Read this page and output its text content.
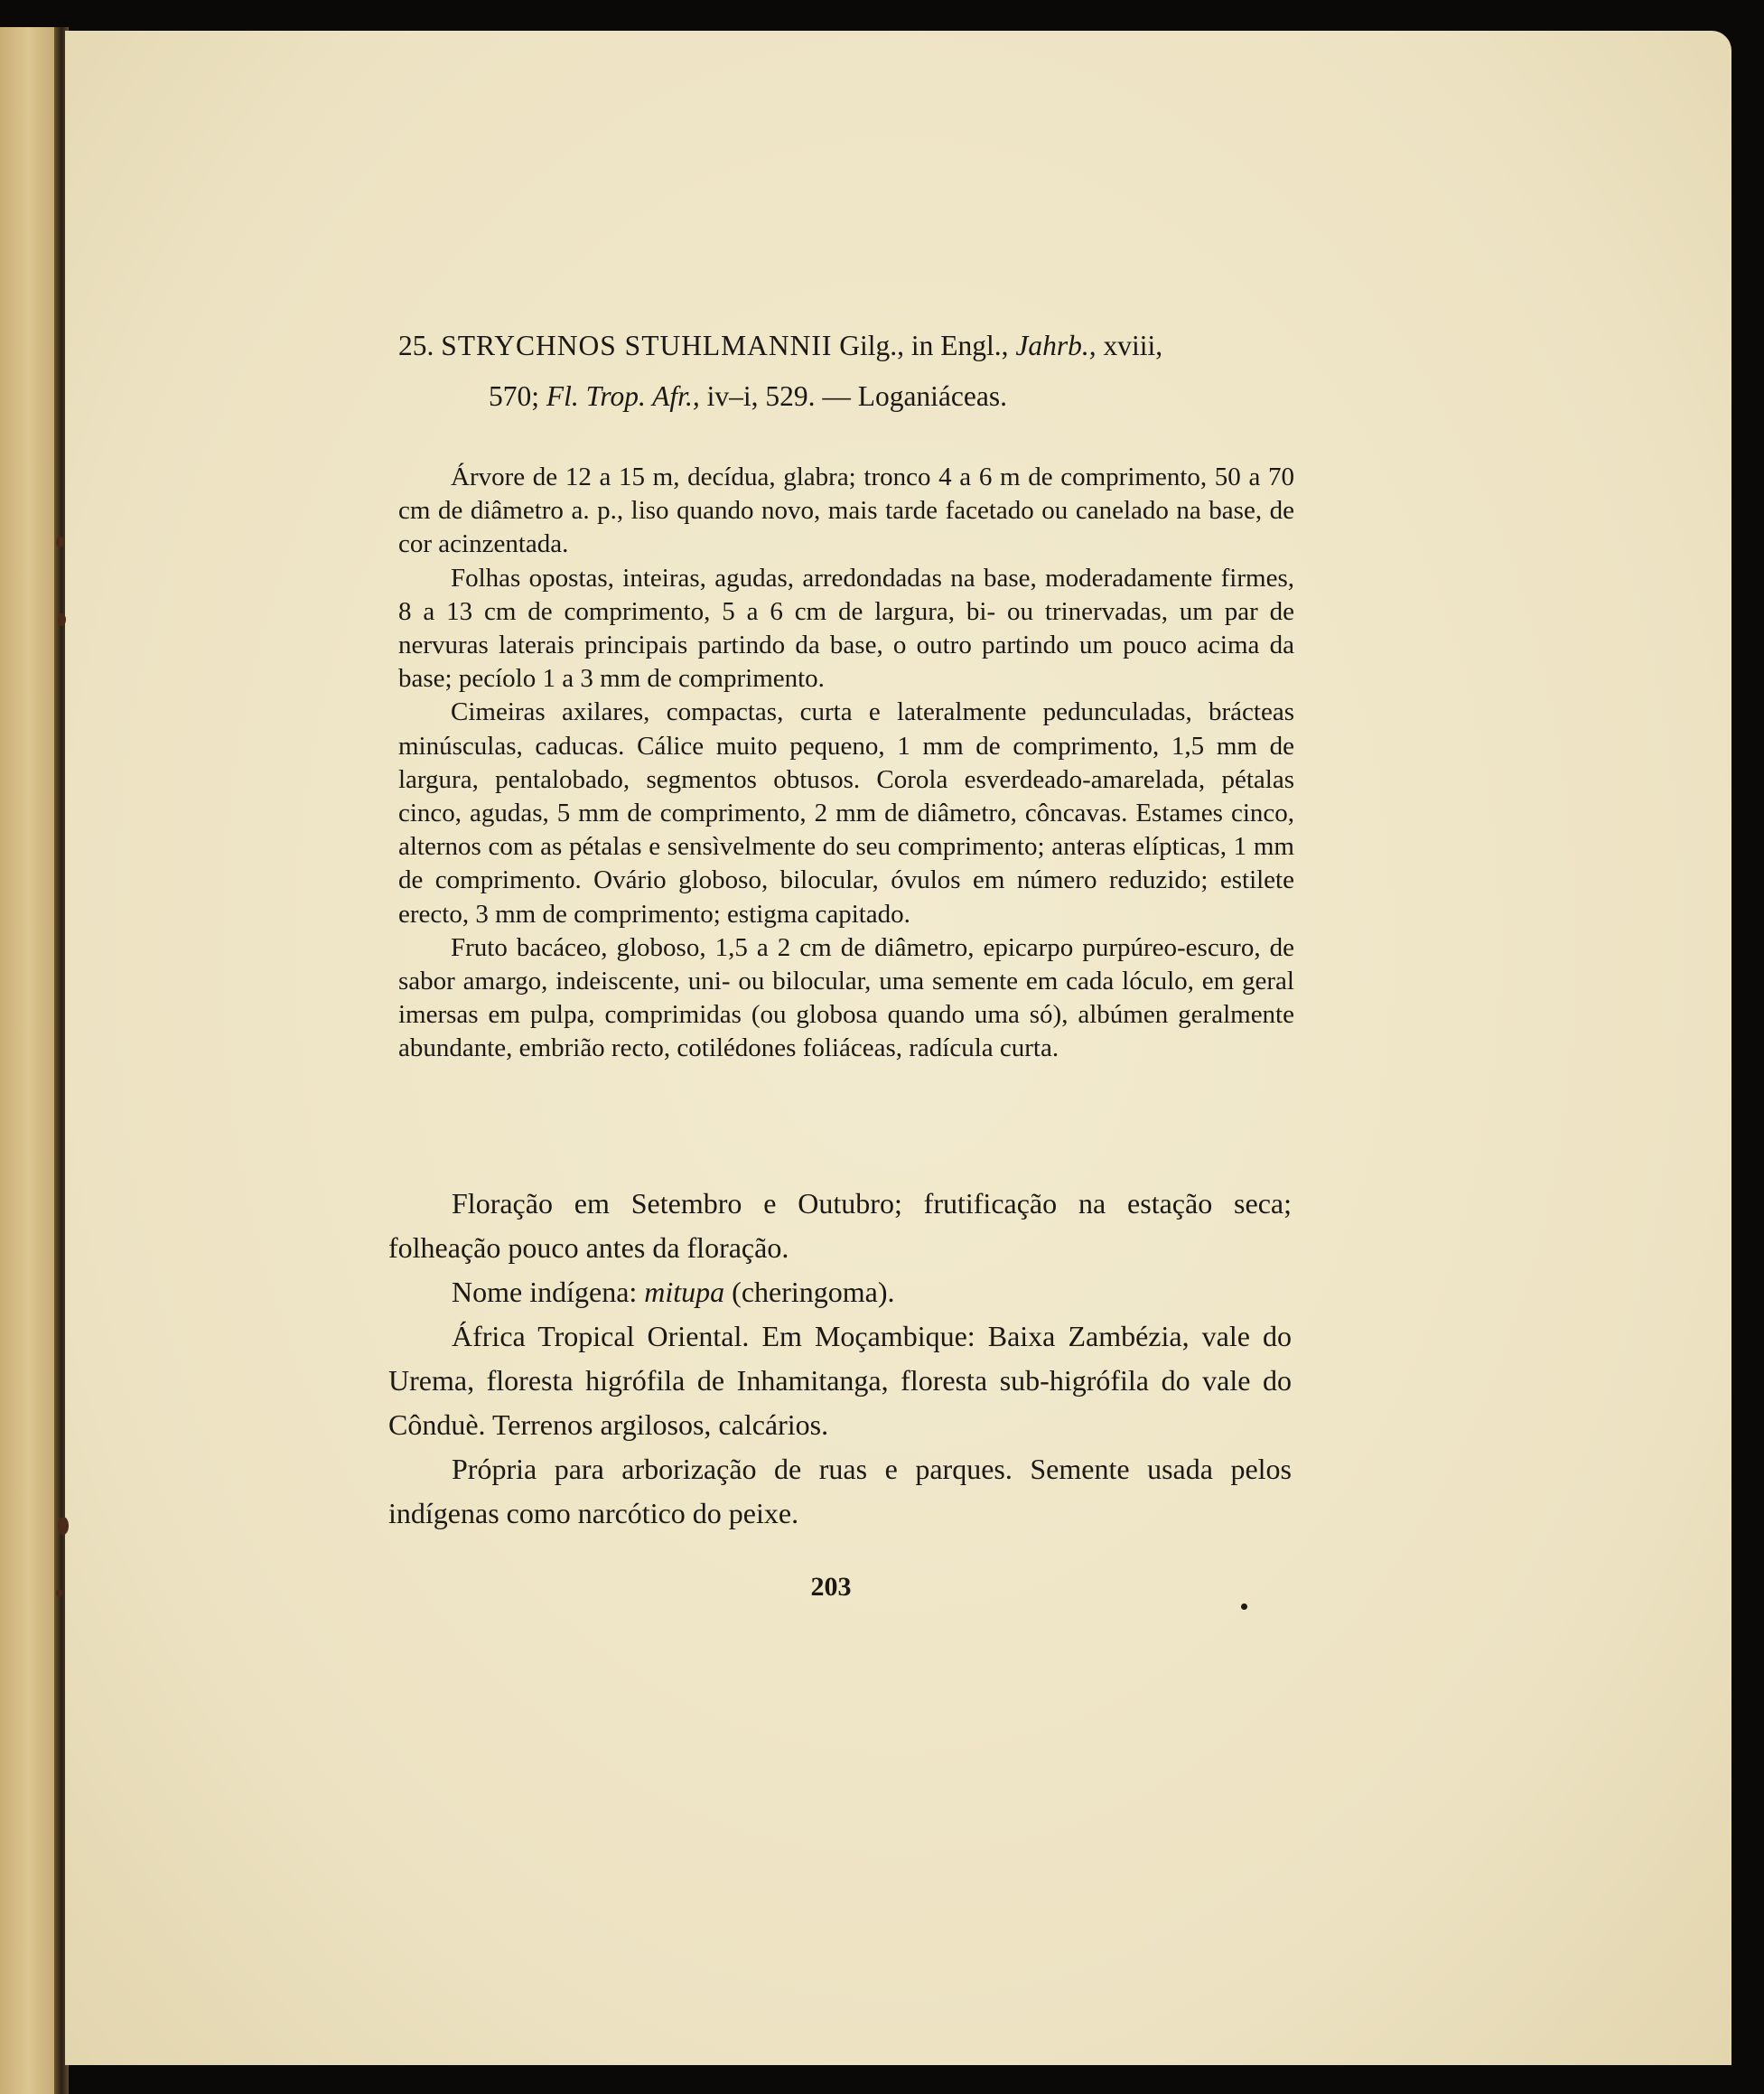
25. STRYCHNOS STUHLMANNII Gilg., in Engl., Jahrb., xviii,
570; Fl. Trop. Afr., iv–i, 529. — Loganiáceas.

Árvore de 12 a 15 m, decídua, glabra; tronco 4 a 6 m de comprimento, 50 a 70 cm de diâmetro a. p., liso quando novo, mais tarde facetado ou canelado na base, de cor acinzentada.

Folhas opostas, inteiras, agudas, arredondadas na base, moderadamente firmes, 8 a 13 cm de comprimento, 5 a 6 cm de largura, bi- ou trinervadas, um par de nervuras laterais principais partindo da base, o outro partindo um pouco acima da base; pecíolo 1 a 3 mm de comprimento.

Cimeiras axilares, compactas, curta e lateralmente pedunculadas, brácteas minúsculas, caducas. Cálice muito pequeno, 1 mm de comprimento, 1,5 mm de largura, pentalobado, segmentos obtusos. Corola esverdeado-amarelada, pétalas cinco, agudas, 5 mm de comprimento, 2 mm de diâmetro, côncavas. Estames cinco, alternos com as pétalas e sensìvelmente do seu comprimento; anteras elípticas, 1 mm de comprimento. Ovário globoso, bilocular, óvulos em número reduzido; estilete erecto, 3 mm de comprimento; estigma capitado.

Fruto bacáceo, globoso, 1,5 a 2 cm de diâmetro, epicarpo purpúreo-escuro, de sabor amargo, indeiscente, uni- ou bilocular, uma semente em cada lóculo, em geral imersas em pulpa, comprimidas (ou globosa quando uma só), albúmen geralmente abundante, embrião recto, cotilédones foliáceas, radícula curta.

Floração em Setembro e Outubro; frutificação na estação seca; folheação pouco antes da floração.

Nome indígena: mitupa (cheringoma).

África Tropical Oriental. Em Moçambique: Baixa Zambézia, vale do Urema, floresta higrófila de Inhamitanga, floresta sub-higrófila do vale do Cônduè. Terrenos argilosos, calcários.

Própria para arborização de ruas e parques. Semente usada pelos indígenas como narcótico do peixe.

203
